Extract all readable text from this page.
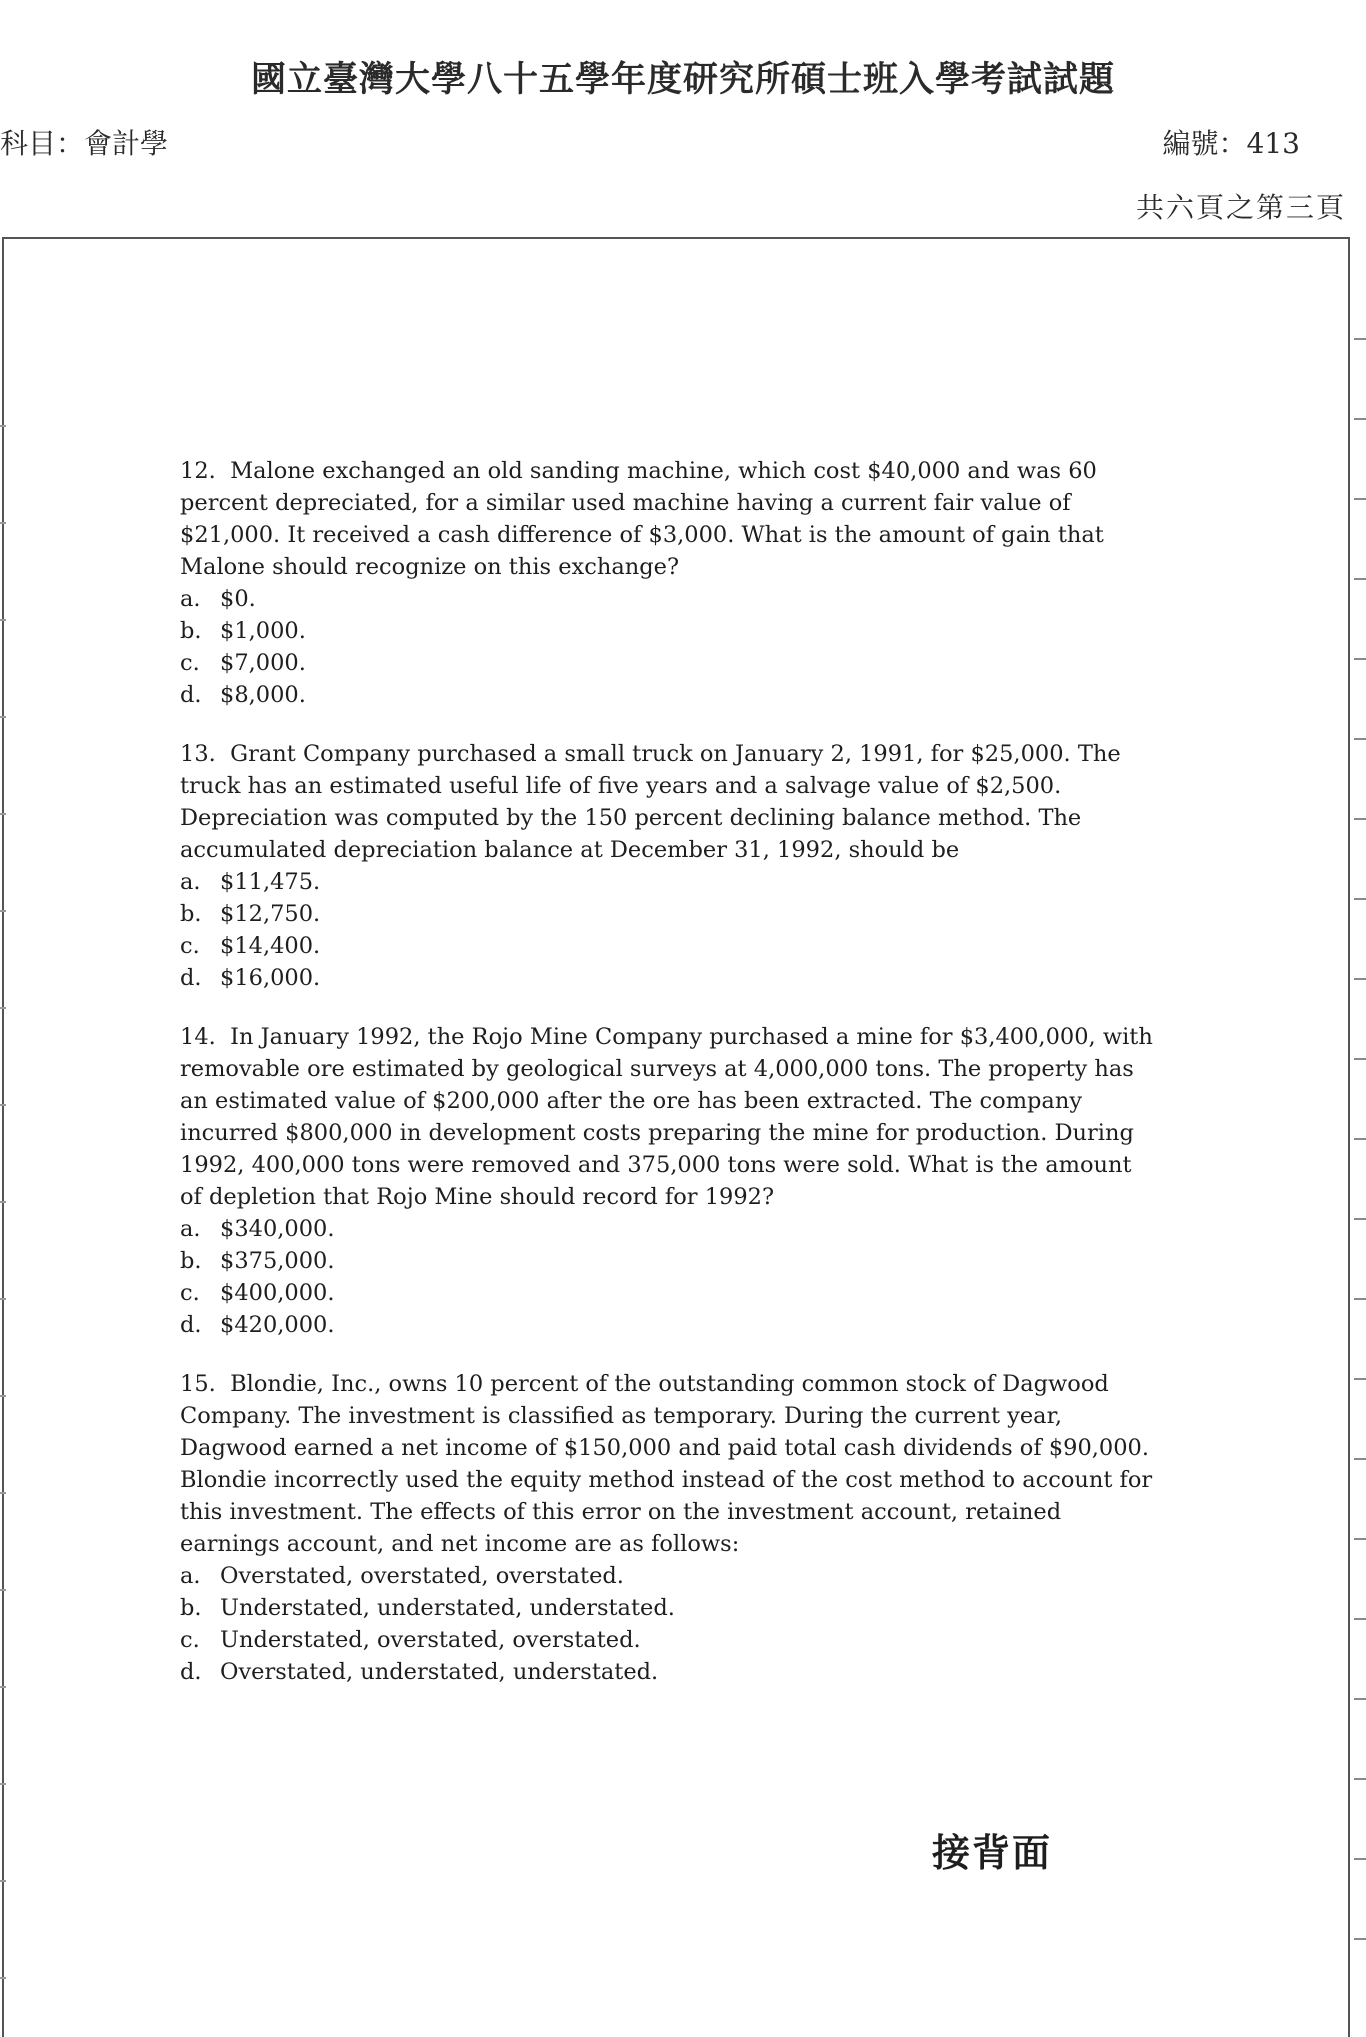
國立臺灣大學八十五學年度研究所碩士班入學考試試題
科目：會計學	編號：413
共六頁之第三頁

12. Malone exchanged an old sanding machine, which cost $40,000 and was 60 percent depreciated, for a similar used machine having a current fair value of $21,000. It received a cash difference of $3,000. What is the amount of gain that Malone should recognize on this exchange?

a. $0.
b. $1,000.
c. $7,000.
d. $8,000.

13. Grant Company purchased a small truck on January 2, 1991, for $25,000. The truck has an estimated useful life of five years and a salvage value of $2,500. Depreciation was computed by the 150 percent declining balance method. The accumulated depreciation balance at December 31, 1992, should be

a. $11,475.
b. $12,750.
c. $14,400.
d. $16,000.

14. In January 1992, the Rojo Mine Company purchased a mine for $3,400,000, with removable ore estimated by geological surveys at 4,000,000 tons. The property has an estimated value of $200,000 after the ore has been extracted. The company incurred $800,000 in development costs preparing the mine for production. During 1992, 400,000 tons were removed and 375,000 tons were sold. What is the amount of depletion that Rojo Mine should record for 1992?

a. $340,000.
b. $375,000.
c. $400,000.
d. $420,000.

15. Blondie, Inc., owns 10 percent of the outstanding common stock of Dagwood Company. The investment is classified as temporary. During the current year, Dagwood earned a net income of $150,000 and paid total cash dividends of $90,000. Blondie incorrectly used the equity method instead of the cost method to account for this investment. The effects of this error on the investment account, retained earnings account, and net income are as follows:

a. Overstated, overstated, overstated.
b. Understated, understated, understated.
c. Understated, overstated, overstated.
d. Overstated, understated, understated.
接背面
